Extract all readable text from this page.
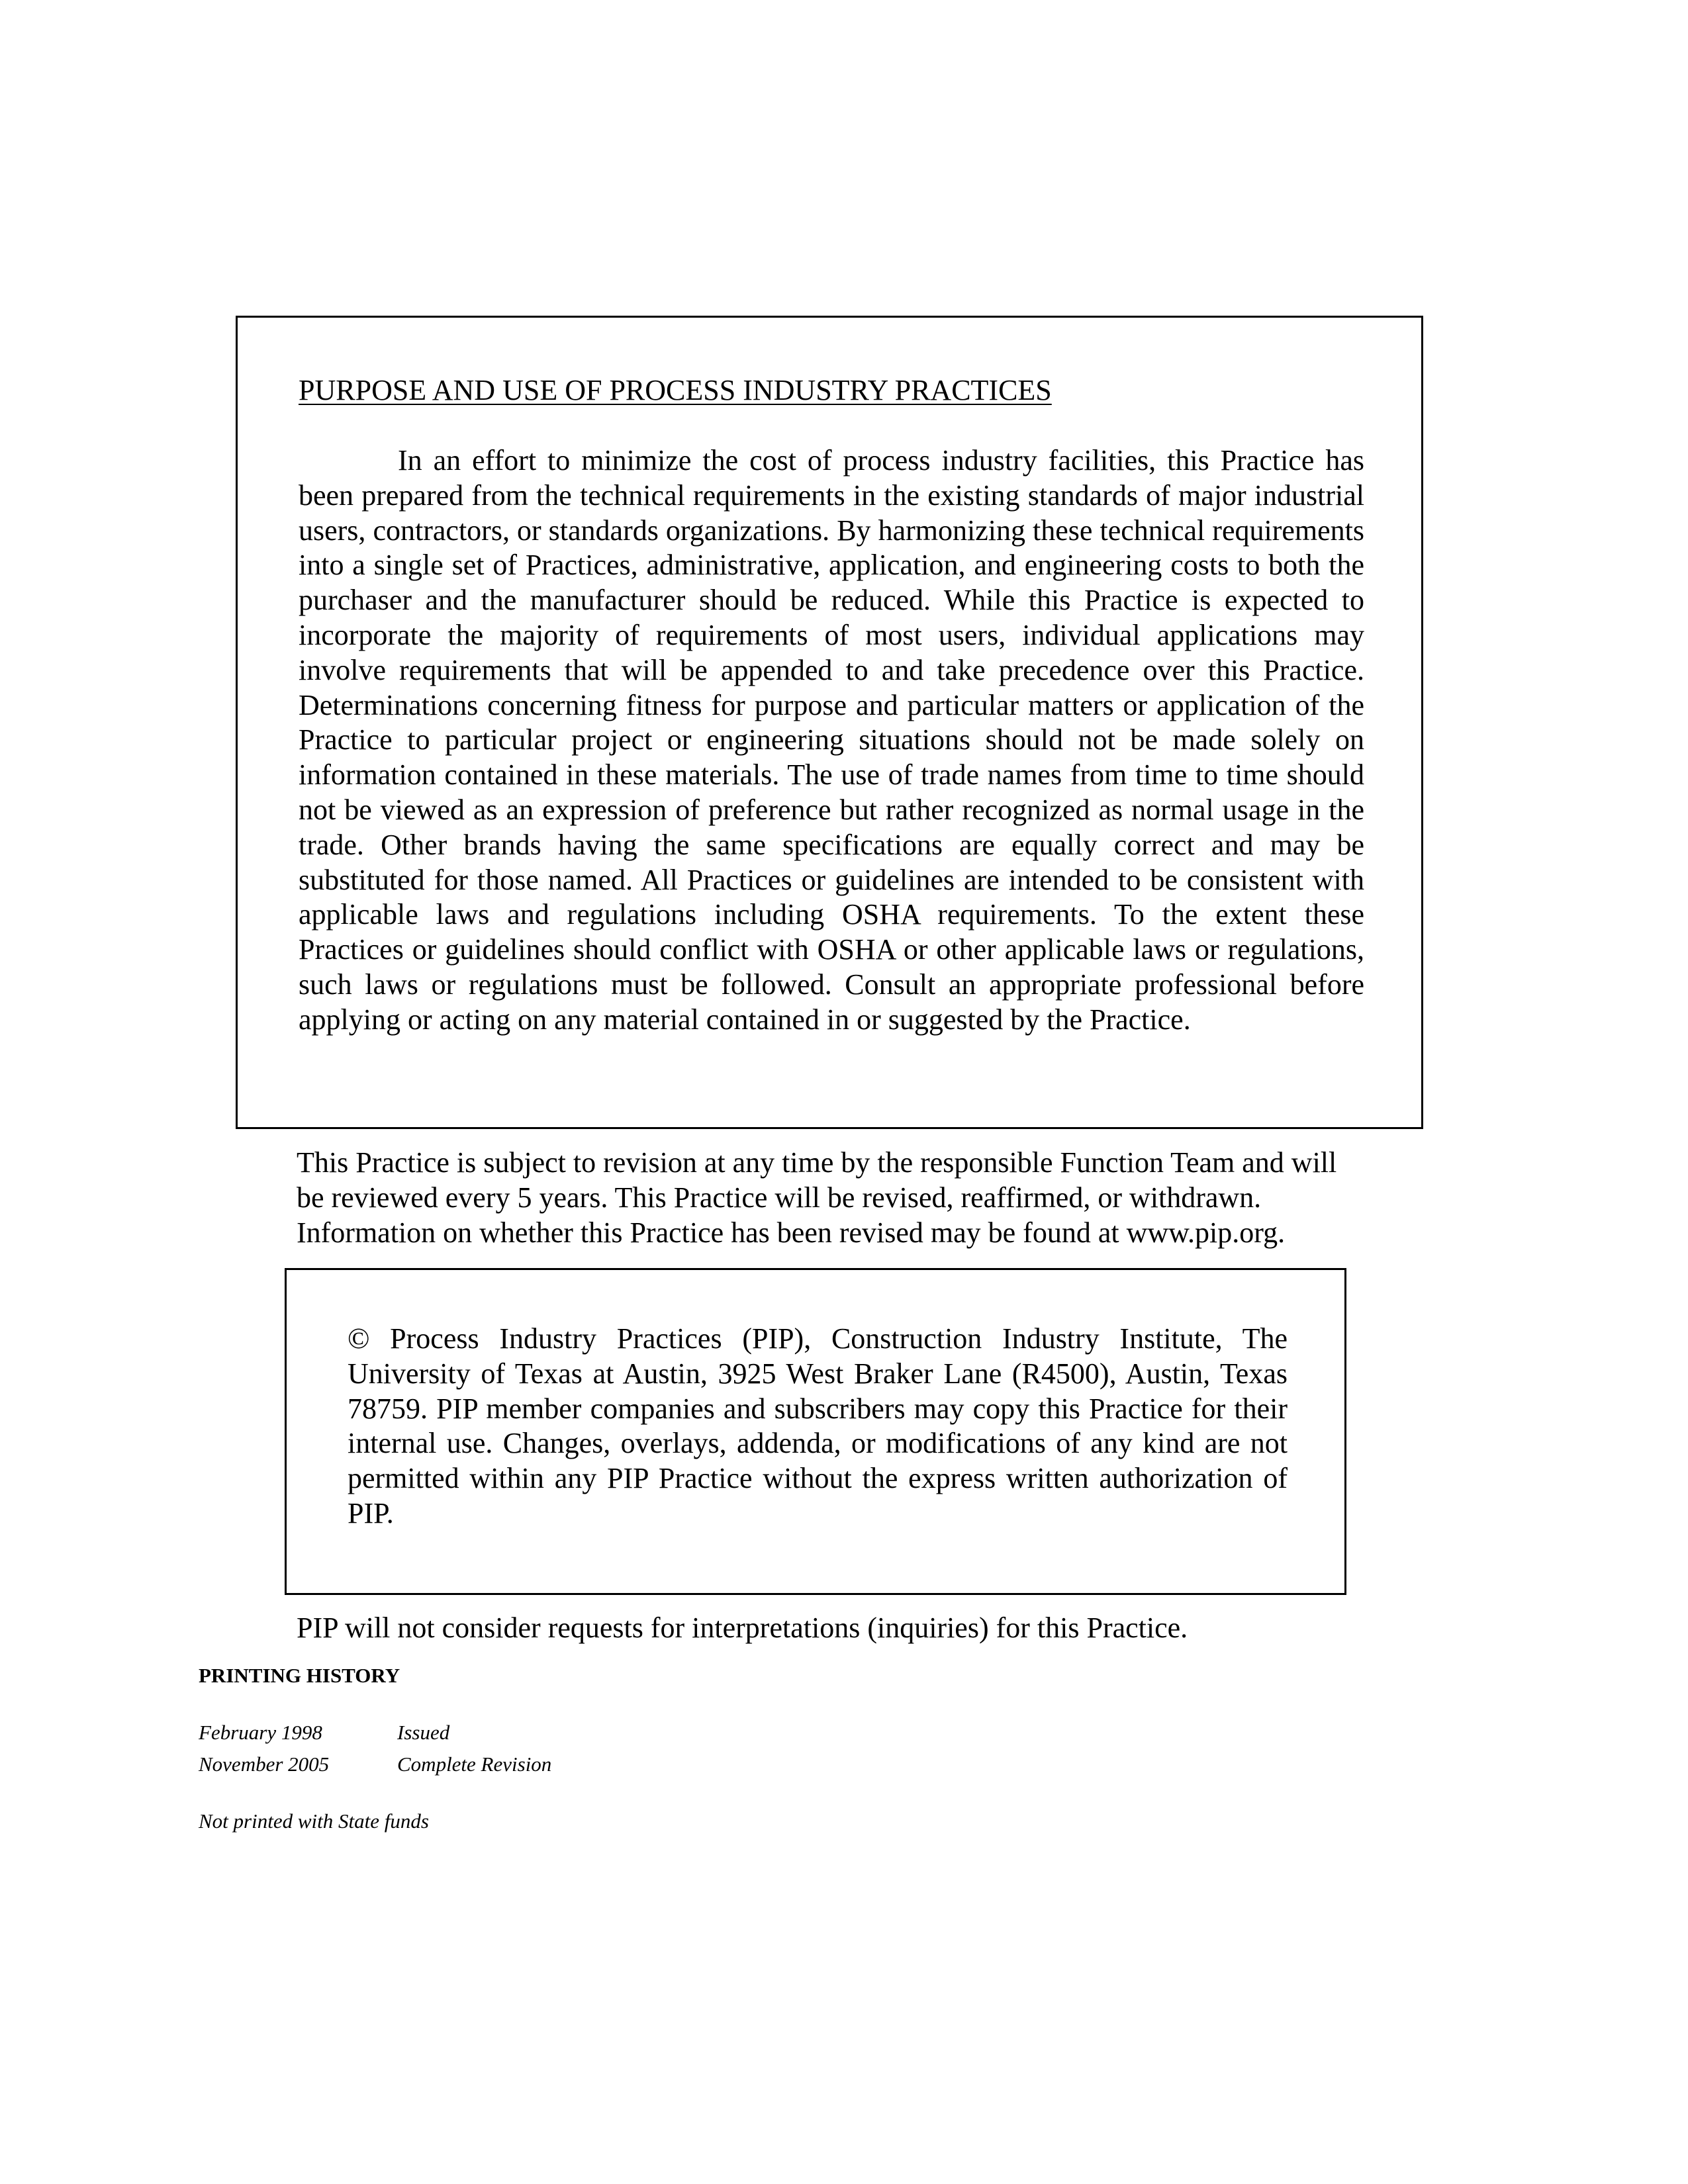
PURPOSE AND USE OF PROCESS INDUSTRY PRACTICES

In an effort to minimize the cost of process industry facilities, this Practice has been prepared from the technical requirements in the existing standards of major industrial users, contractors, or standards organizations. By harmonizing these technical requirements into a single set of Practices, administrative, application, and engineering costs to both the purchaser and the manufacturer should be reduced. While this Practice is expected to incorporate the majority of requirements of most users, individual applications may involve requirements that will be appended to and take precedence over this Practice. Determinations concerning fitness for purpose and particular matters or application of the Practice to particular project or engineering situations should not be made solely on information contained in these materials. The use of trade names from time to time should not be viewed as an expression of preference but rather recognized as normal usage in the trade. Other brands having the same specifications are equally correct and may be substituted for those named. All Practices or guidelines are intended to be consistent with applicable laws and regulations including OSHA requirements. To the extent these Practices or guidelines should conflict with OSHA or other applicable laws or regulations, such laws or regulations must be followed. Consult an appropriate professional before applying or acting on any material contained in or suggested by the Practice.

This Practice is subject to revision at any time by the responsible Function Team and will
be reviewed every 5 years. This Practice will be revised, reaffirmed, or withdrawn.
Information on whether this Practice has been revised may be found at www.pip.org.

© Process Industry Practices (PIP), Construction Industry Institute, The University of Texas at Austin, 3925 West Braker Lane (R4500), Austin, Texas 78759. PIP member companies and subscribers may copy this Practice for their internal use. Changes, overlays, addenda, or modifications of any kind are not permitted within any PIP Practice without the express written authorization of PIP.

PIP will not consider requests for interpretations (inquiries) for this Practice.

PRINTING HISTORY
February 1998	Issued
November 2005	Complete Revision

Not printed with State funds
